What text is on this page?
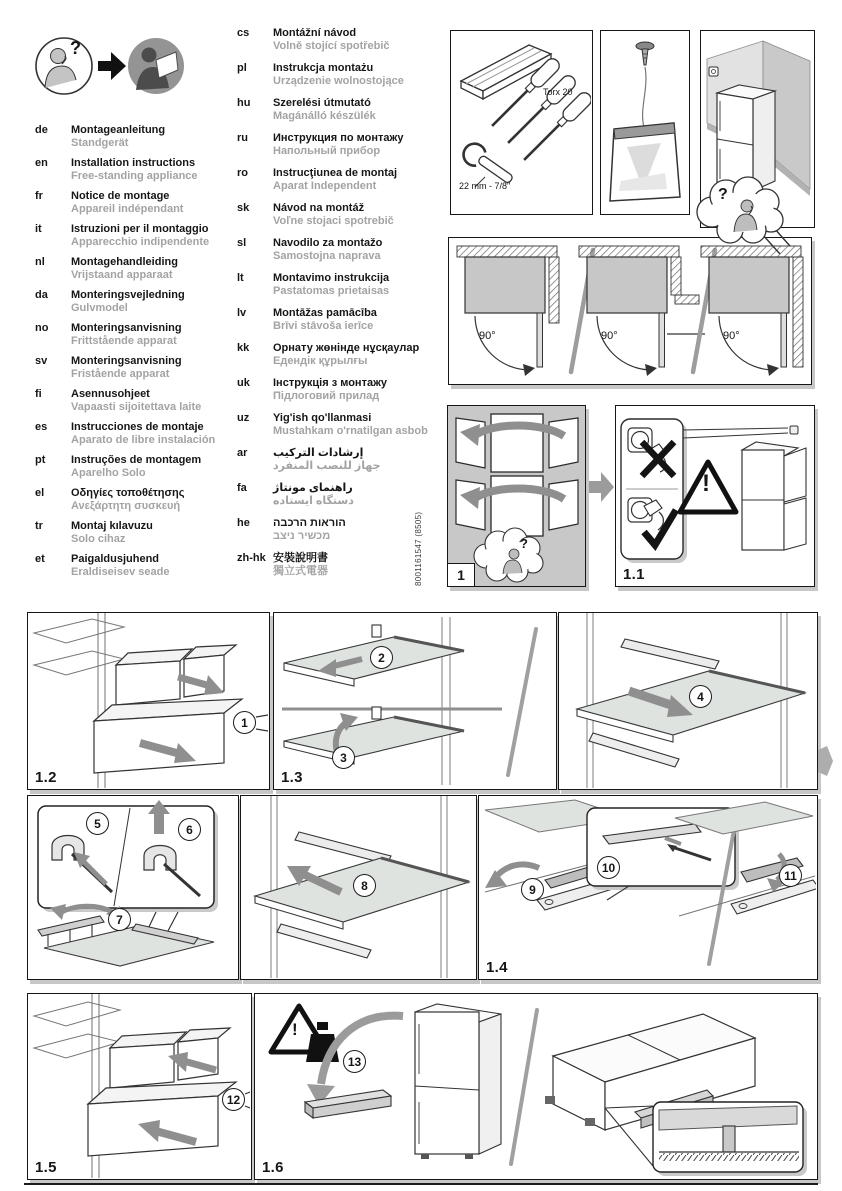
?
de	Montageanleitung
Standgerät
en	Installation instructions
Free-standing appliance
fr	Notice de montage
Appareil indépendant
it	Istruzioni per il montaggio
Apparecchio indipendente
nl	Montagehandleiding
Vrijstaand apparaat
da	Monteringsvejledning
Gulvmodel
no	Monteringsanvisning
Frittstående apparat
sv	Monteringsanvisning
Fristående apparat
fi	Asennusohjeet
Vapaasti sijoitettava laite
es	Instrucciones de montaje
Aparato de libre instalación
pt	Instruções de montagem
Aparelho Solo
el	Οδηγίες τοποθέτησης
Ανεξάρτητη συσκευή
tr	Montaj kılavuzu
Solo cihaz
et	Paigaldusjuhend
Eraldiseisev seade
cs	Montážní návod
Volně stojící spotřebič
pl	Instrukcja montażu
Urządzenie wolnostojące
hu	Szerelési útmutató
Magánálló készülék
ru	Инструкция по монтажу
Напольный прибор
ro	Instrucţiunea de montaj
Aparat Independent
sk	Návod na montáž
Voľne stojaci spotrebič
sl	Navodilo za montažo
Samostojna naprava
lt	Montavimo instrukcija
Pastatomas prietaisas
lv	Montāžas pamācība
Brīvi stāvoša ierīce
kk	Орнату жөнінде нұсқаулар
Едендік құрылғы
uk	Інструкція з монтажу
Підлоговий прилад
uz	Yig'ish qo'llanmasi
Mustahkam o'rnatilgan asbob
ar	إرشادات التركيب
جهاز للنصب المنفرد
fa	راهنمای مونتاژ
دستگاه ایستاده
he	הוראות הרכבה
מכשיר ניצב
zh-hk 安裝說明書
獨立式電器	8001161547 (8505)
Torx 20
22 mm - 7/8"	?
90°	90°	90°
?
1
!
1.1
1
1.2
2
3
1.3
4
5	6
7
8	9
10
11
1.4
12
1.5
!
13
1.6
